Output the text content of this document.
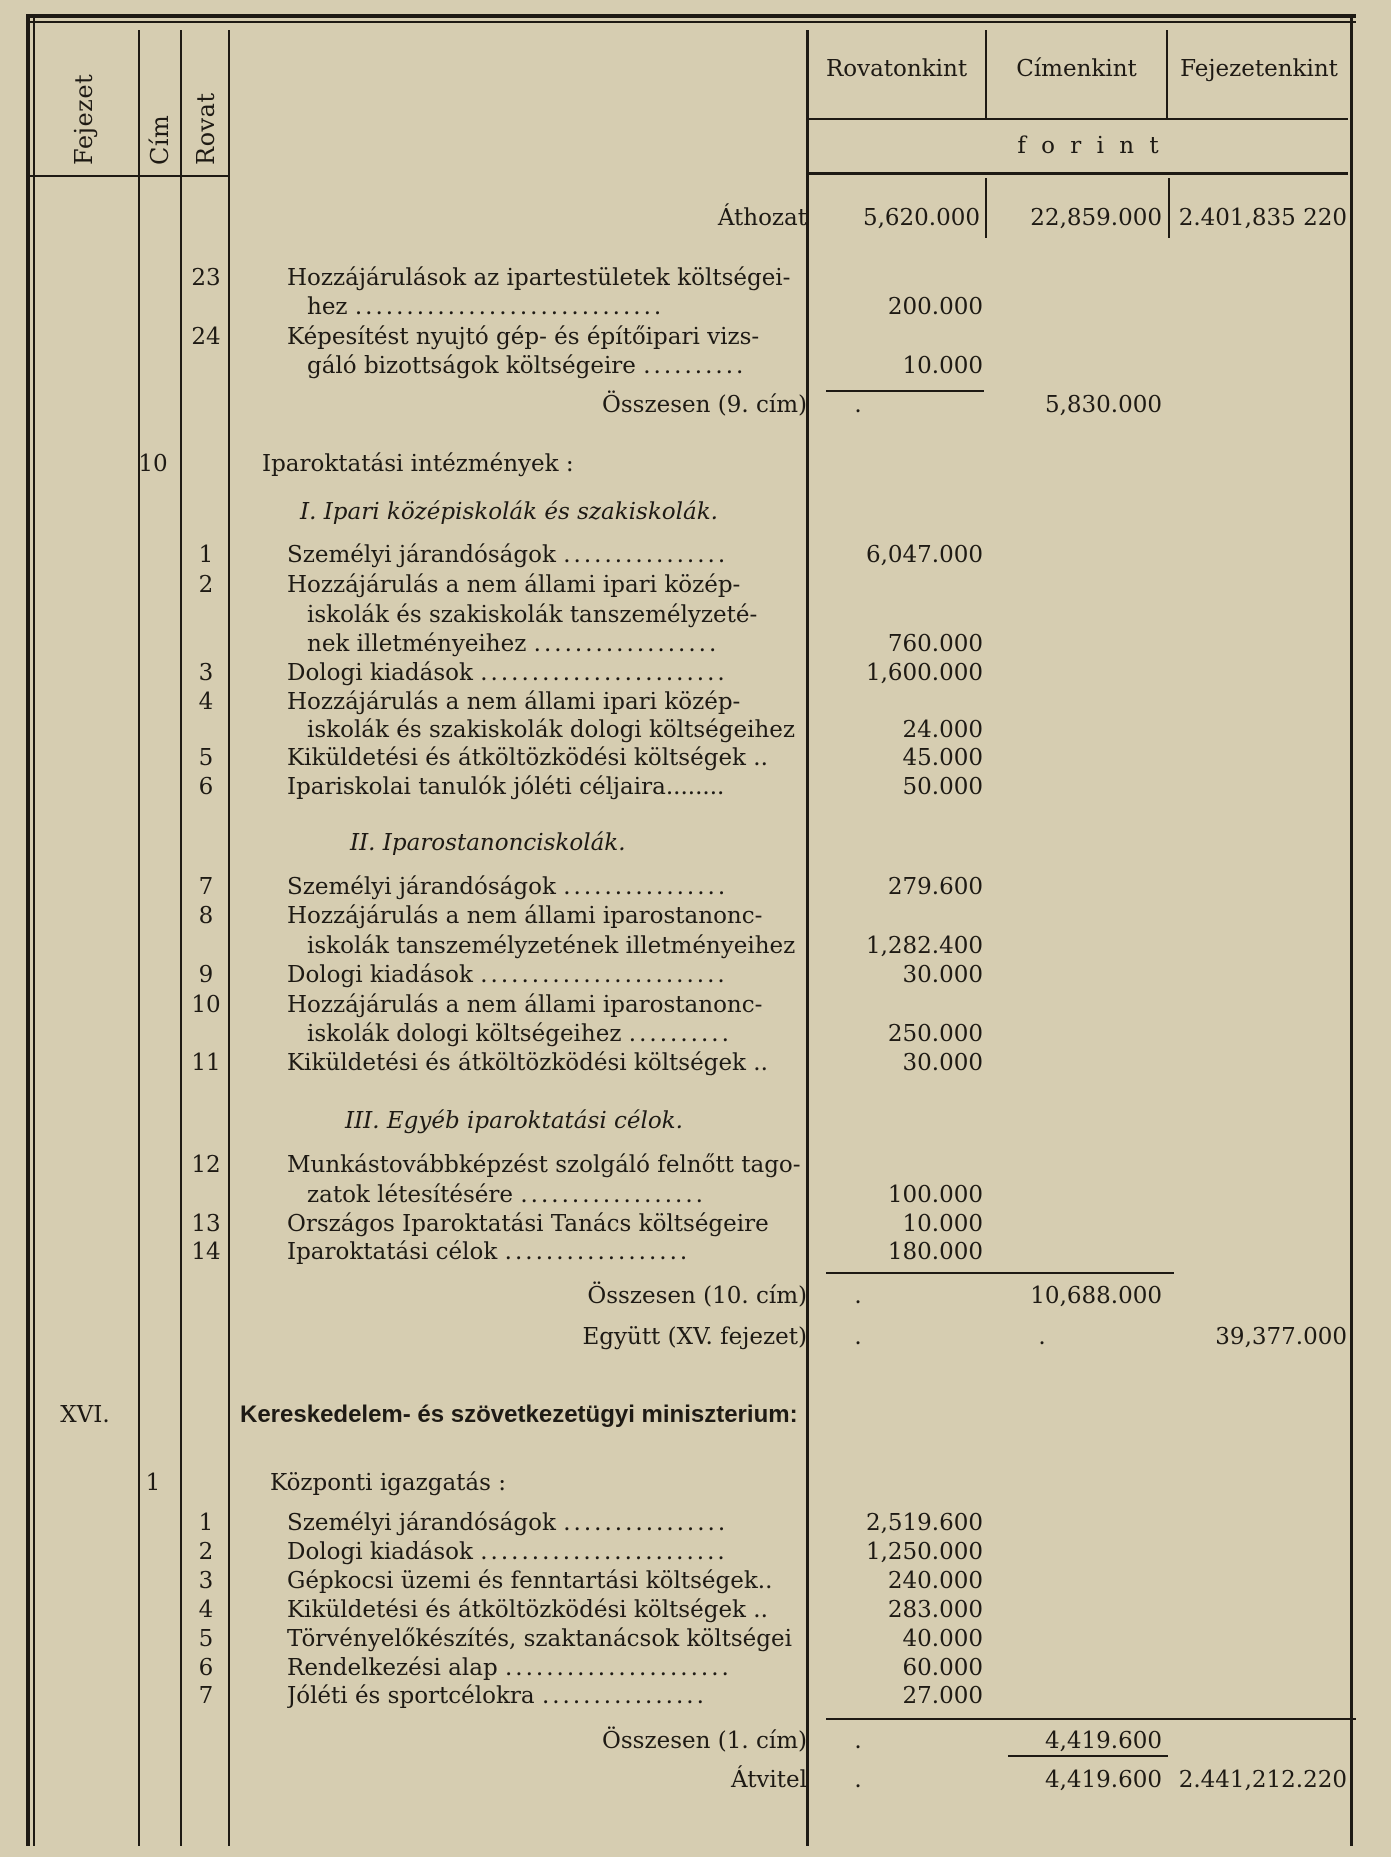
Fejezet Cím Rovat
Rovatonkint	Címenkint	Fejezetenkint
f o r i n t
Áthozat	5,620.000	22,859.000 2.401,835 220
23	Hozzájárulások az ipartestületek költségei-
hez ..............................	200.000
24	Képesítést nyujtó gép- és építőipari vizs-
gáló bizottságok költségeire ..........	10.000
Összesen (9. cím)	.	5,830.000
10	Iparoktatási intézmények :
I. Ipari középiskolák és szakiskolák.
1	Személyi járandóságok ................	6,047.000
2	Hozzájárulás a nem állami ipari közép-
iskolák és szakiskolák tanszemélyzeté-
nek illetményeihez ..................	760.000
3	Dologi kiadások ........................	1,600.000
4	Hozzájárulás a nem állami ipari közép-
iskolák és szakiskolák dologi költségeihez	24.000
5	Kiküldetési és átköltözködési költségek ..	45.000
6	Ipariskolai tanulók jóléti céljaira........	50.000
II. Iparostanonciskolák.
7	Személyi járandóságok ................	279.600
8	Hozzájárulás a nem állami iparostanonc-
iskolák tanszemélyzetének illetményeihez	1,282.400
9	Dologi kiadások ........................	30.000
10	Hozzájárulás a nem állami iparostanonc-
iskolák dologi költségeihez ..........	250.000
11	Kiküldetési és átköltözködési költségek ..	30.000
III. Egyéb iparoktatási célok.
12	Munkástovábbképzést szolgáló felnőtt tago-
zatok létesítésére ..................	100.000
13	Országos Iparoktatási Tanács költségeire	10.000
14	Iparoktatási célok ..................	180.000
Összesen (10. cím)	.	10,688.000
Együtt (XV. fejezet)	.	.	39,377.000
XVI.	Kereskedelem- és szövetkezetügyi miniszterium:
1	Központi igazgatás :
1	Személyi járandóságok ................	2,519.600
2	Dologi kiadások ........................	1,250.000
3	Gépkocsi üzemi és fenntartási költségek..	240.000
4	Kiküldetési és átköltözködési költségek ..	283.000
5	Törvényelőkészítés, szaktanácsok költségei	40.000
6	Rendelkezési alap ......................	60.000
7	Jóléti és sportcélokra ................	27.000
Összesen (1. cím)	.	4,419.600
Átvitel	.	4,419.600 2.441,212.220
